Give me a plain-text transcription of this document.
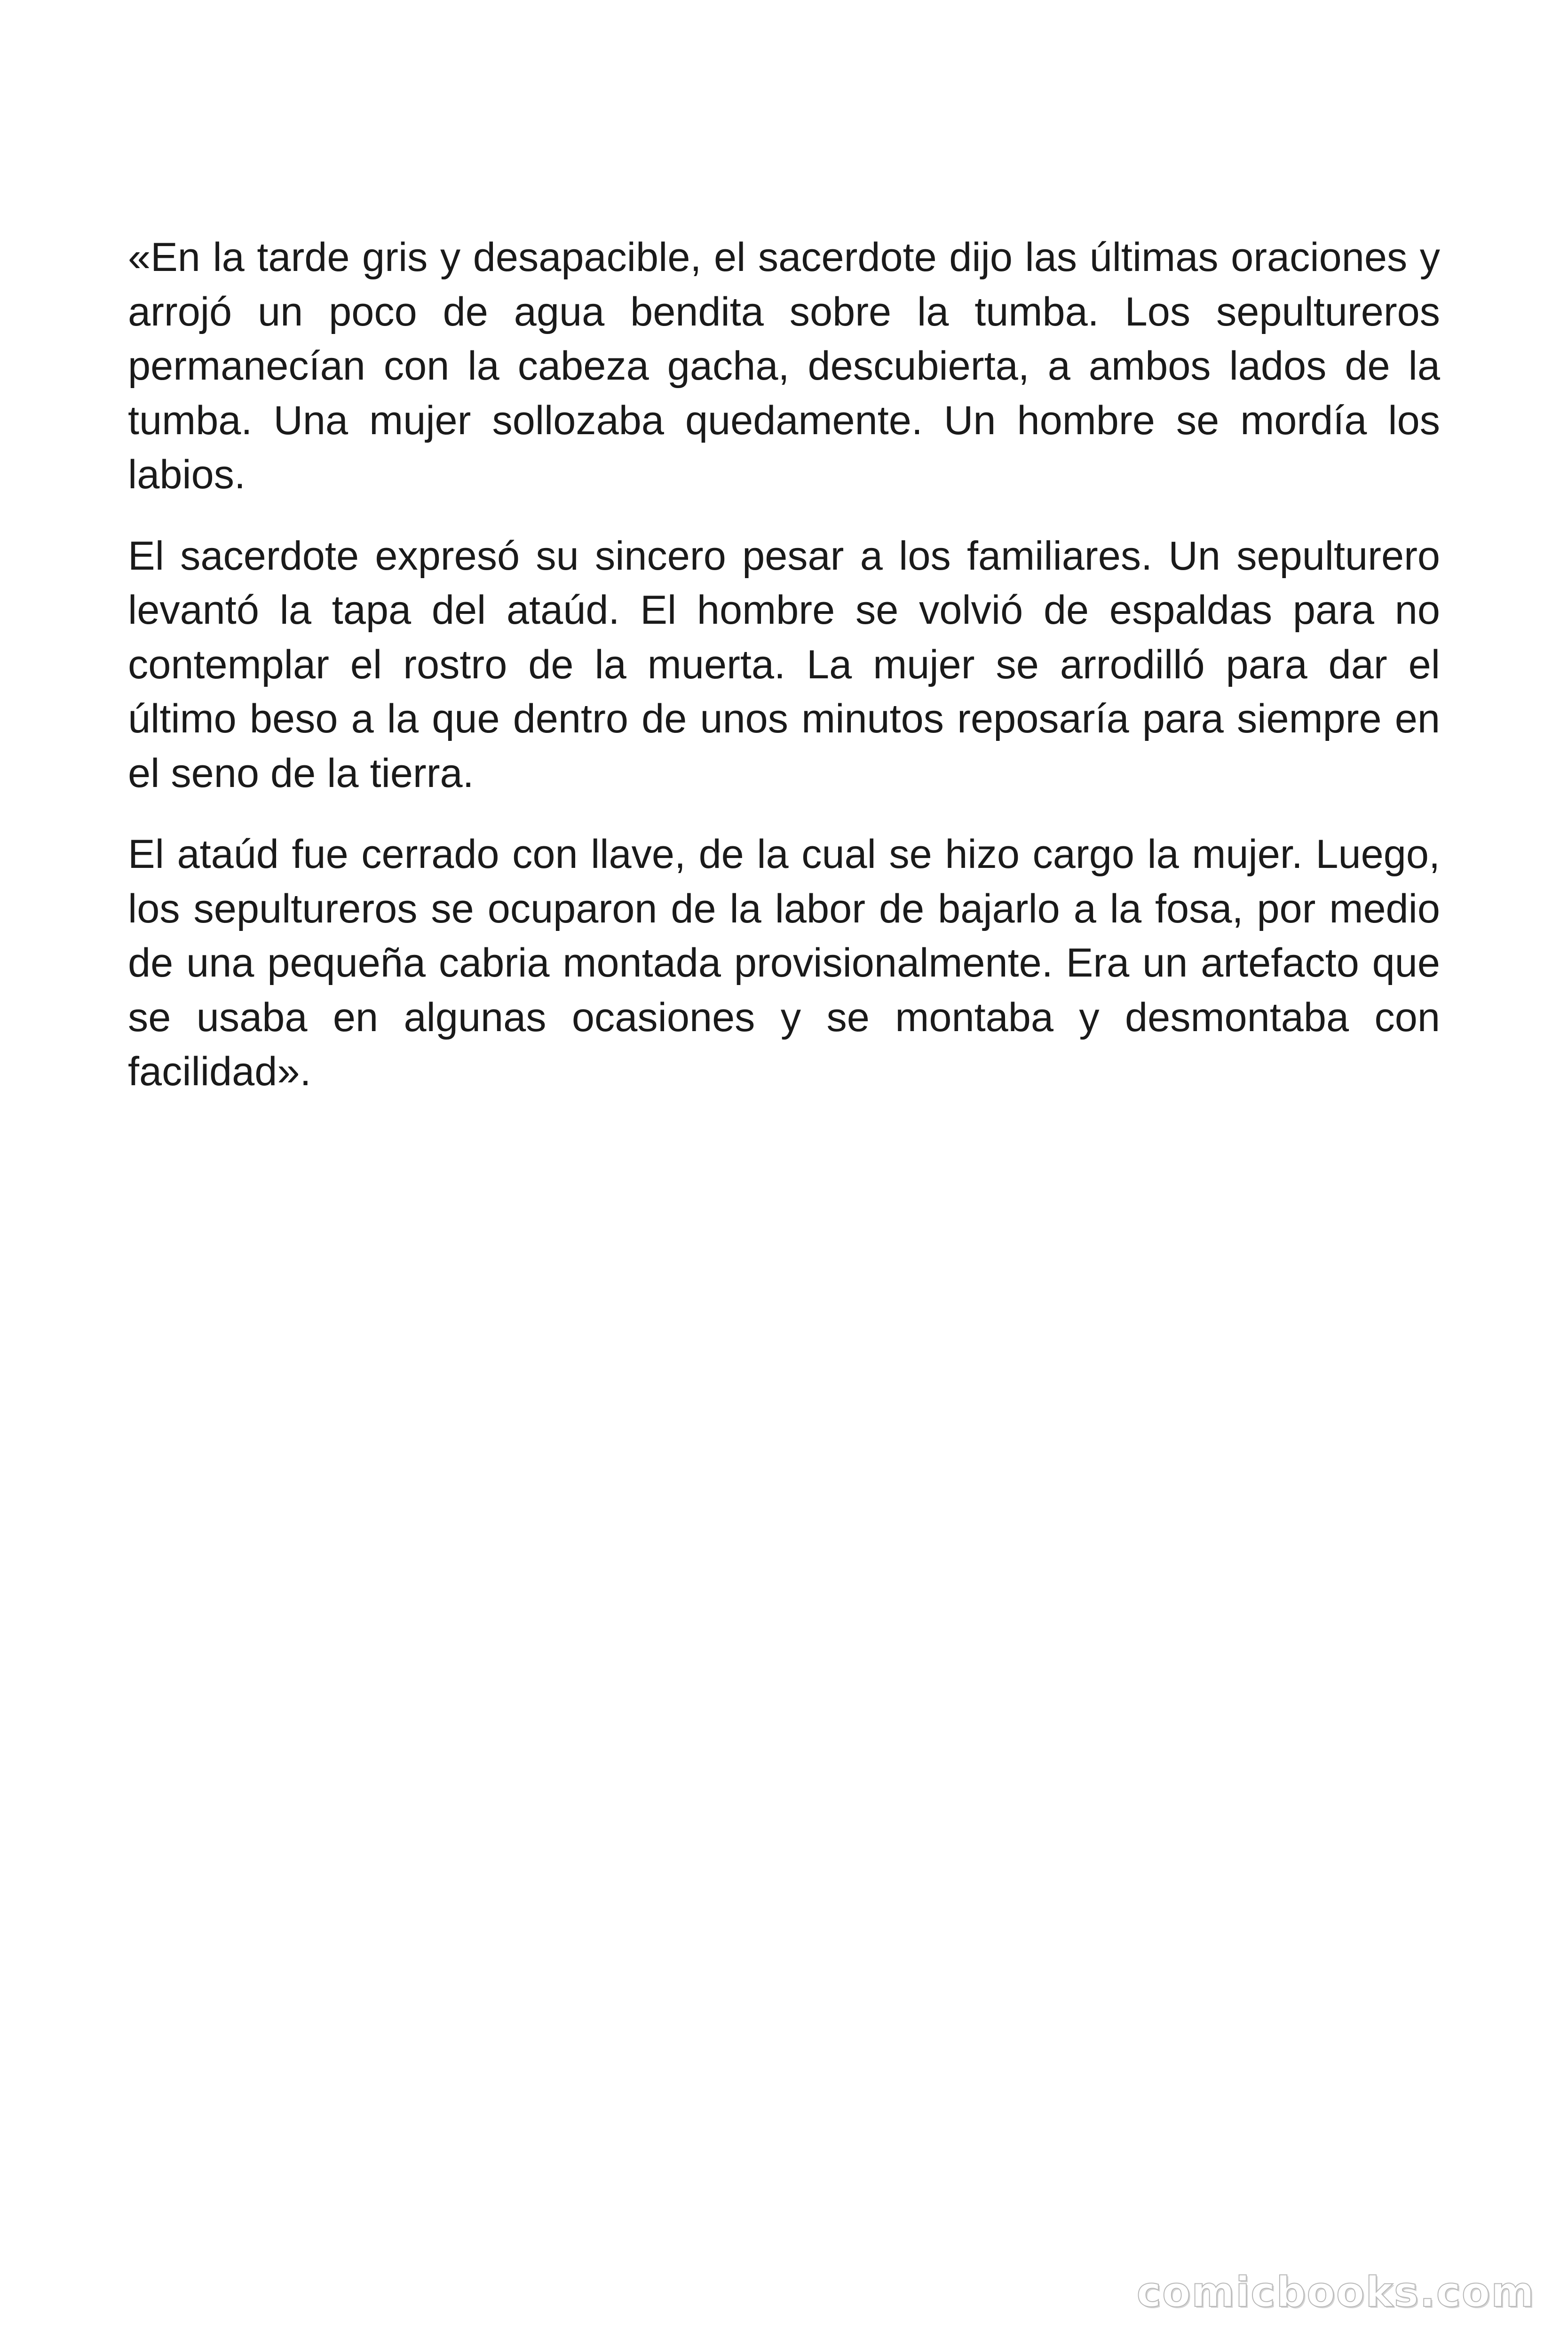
«En la tarde gris y desapacible, el sacerdote dijo las últimas oraciones y arrojó un poco de agua bendita sobre la tumba. Los sepultureros permanecían con la cabeza gacha, descubierta, a ambos lados de la tumba. Una mujer sollozaba quedamente. Un hombre se mordía los labios.

El sacerdote expresó su sincero pesar a los familiares. Un sepulturero levantó la tapa del ataúd. El hombre se volvió de espaldas para no contemplar el rostro de la muerta. La mujer se arrodilló para dar el último beso a la que dentro de unos minutos reposaría para siempre en el seno de la tierra.

El ataúd fue cerrado con llave, de la cual se hizo cargo la mujer. Luego, los sepultureros se ocuparon de la labor de bajarlo a la fosa, por medio de una pequeña cabria montada provisionalmente. Era un artefacto que se usaba en algunas ocasiones y se montaba y desmontaba con facilidad».

comicbooks.com
